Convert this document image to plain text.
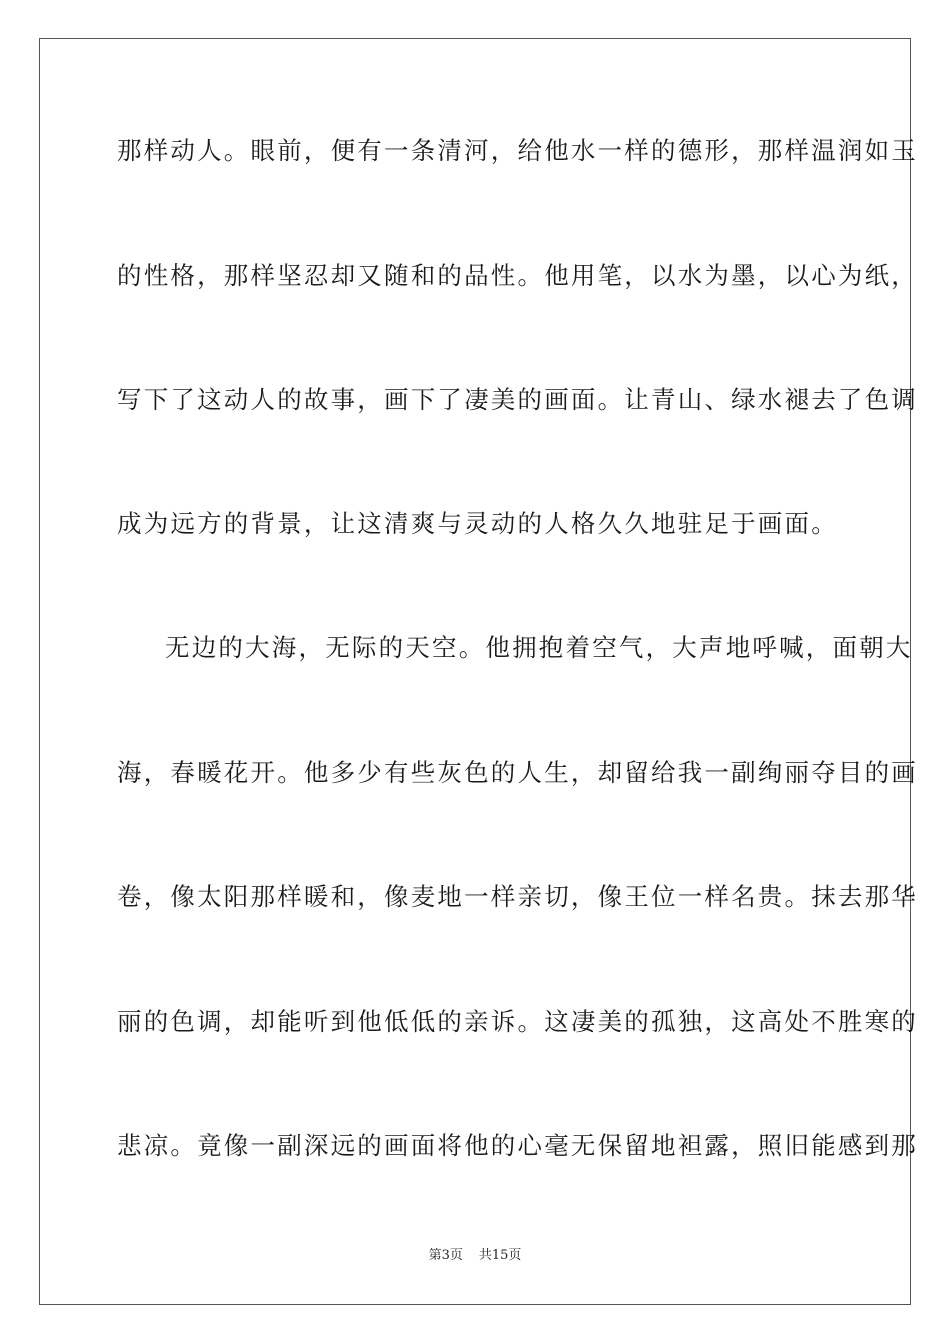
那样动人。眼前，便有一条清河，给他水一样的德形，那样温润如玉
的性格，那样坚忍却又随和的品性。他用笔，以水为墨，以心为纸，
写下了这动人的故事，画下了凄美的画面。让青山、绿水褪去了色调
成为远方的背景，让这清爽与灵动的人格久久地驻足于画面。
无边的大海，无际的天空。他拥抱着空气，大声地呼喊，面朝大
海，春暖花开。他多少有些灰色的人生，却留给我一副绚丽夺目的画
卷，像太阳那样暖和，像麦地一样亲切，像王位一样名贵。抹去那华
丽的色调，却能听到他低低的亲诉。这凄美的孤独，这高处不胜寒的
悲凉。竟像一副深远的画面将他的心毫无保留地袒露，照旧能感到那
第3页 共15页
